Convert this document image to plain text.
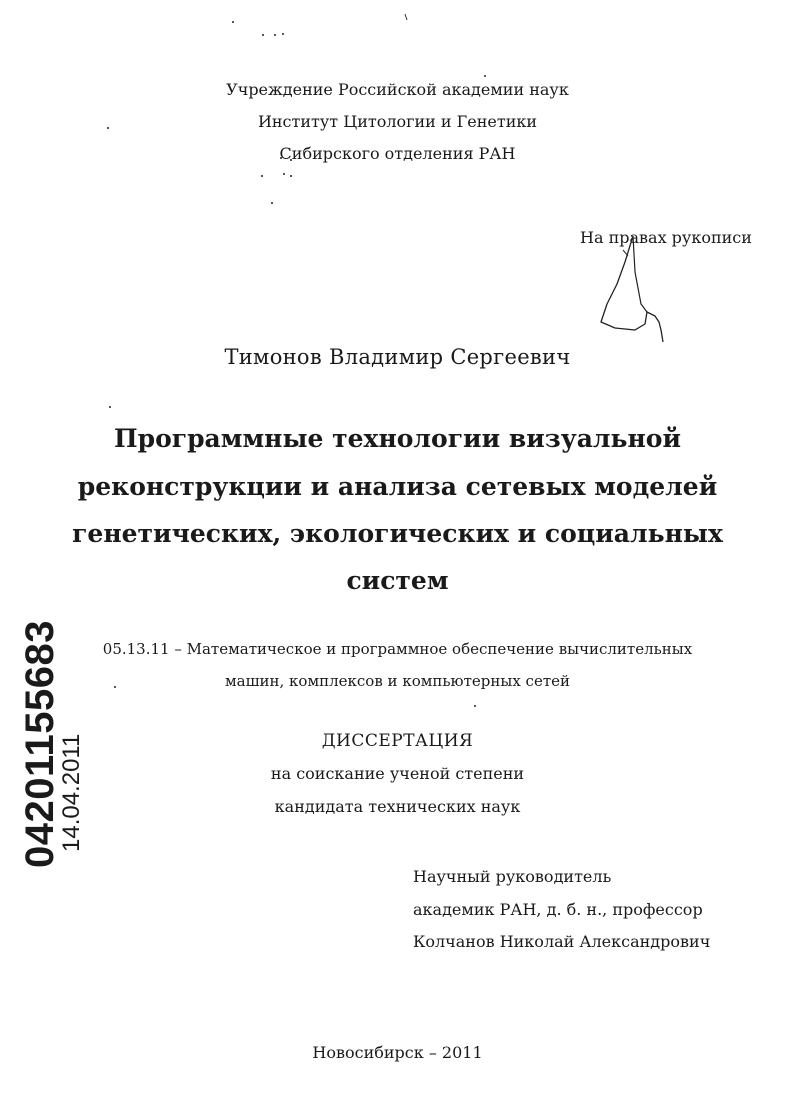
Учреждение Российской академии наук
Институт Цитологии и Генетики
Сибирского отделения РАН
На правах рукописи
Тимонов Владимир Сергеевич
Программные технологии визуальной
реконструкции и анализа сетевых моделей
генетических, экологических и социальных
систем
05.13.11 – Математическое и программное обеспечение вычислительных
машин, комплексов и компьютерных сетей
ДИССЕРТАЦИЯ
на соискание ученой степени
кандидата технических наук
Научный руководитель
академик РАН, д. б. н., профессор
Колчанов Николай Александрович
Новосибирск – 2011
04201155683
14.04.2011
